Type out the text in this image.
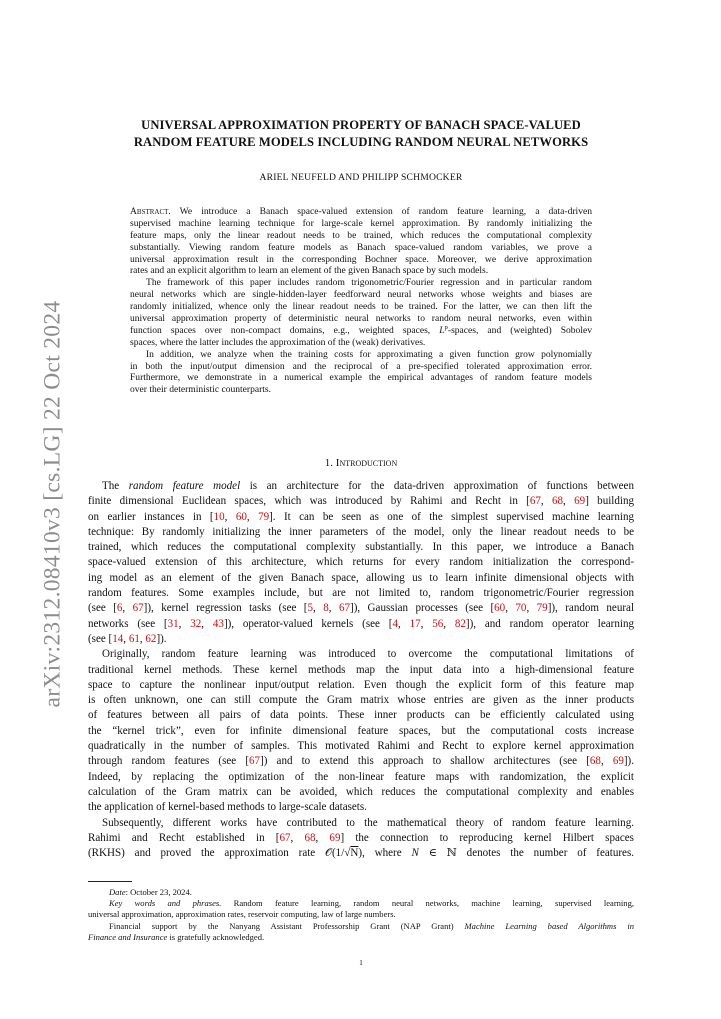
arXiv:2312.08410v3 [cs.LG] 22 Oct 2024
UNIVERSAL APPROXIMATION PROPERTY OF BANACH SPACE-VALUED
RANDOM FEATURE MODELS INCLUDING RANDOM NEURAL NETWORKS
ARIEL NEUFELD AND PHILIPP SCHMOCKER
Abstract. We introduce a Banach space-valued extension of random feature learning, a data-driven
supervised machine learning technique for large-scale kernel approximation. By randomly initializing the
feature maps, only the linear readout needs to be trained, which reduces the computational complexity
substantially. Viewing random feature models as Banach space-valued random variables, we prove a
universal approximation result in the corresponding Bochner space. Moreover, we derive approximation
rates and an explicit algorithm to learn an element of the given Banach space by such models.
The framework of this paper includes random trigonometric/Fourier regression and in particular random
neural networks which are single-hidden-layer feedforward neural networks whose weights and biases are
randomly initialized, whence only the linear readout needs to be trained. For the latter, we can then lift the
universal approximation property of deterministic neural networks to random neural networks, even within
function spaces over non-compact domains, e.g., weighted spaces, $L^p$-spaces, and (weighted) Sobolev
spaces, where the latter includes the approximation of the (weak) derivatives.
In addition, we analyze when the training costs for approximating a given function grow polynomially
in both the input/output dimension and the reciprocal of a pre-specified tolerated approximation error.
Furthermore, we demonstrate in a numerical example the empirical advantages of random feature models
over their deterministic counterparts.
1. Introduction
The random feature model is an architecture for the data-driven approximation of functions between
finite dimensional Euclidean spaces, which was introduced by Rahimi and Recht in [67, 68, 69] building
on earlier instances in [10, 60, 79]. It can be seen as one of the simplest supervised machine learning
technique: By randomly initializing the inner parameters of the model, only the linear readout needs to be
trained, which reduces the computational complexity substantially. In this paper, we introduce a Banach
space-valued extension of this architecture, which returns for every random initialization the correspond-
ing model as an element of the given Banach space, allowing us to learn infinite dimensional objects with
random features. Some examples include, but are not limited to, random trigonometric/Fourier regression
(see [6, 67]), kernel regression tasks (see [5, 8, 67]), Gaussian processes (see [60, 70, 79]), random neural
networks (see [31, 32, 43]), operator-valued kernels (see [4, 17, 56, 82]), and random operator learning
(see [14, 61, 62]).
Originally, random feature learning was introduced to overcome the computational limitations of
traditional kernel methods. These kernel methods map the input data into a high-dimensional feature
space to capture the nonlinear input/output relation. Even though the explicit form of this feature map
is often unknown, one can still compute the Gram matrix whose entries are given as the inner products
of features between all pairs of data points. These inner products can be efficiently calculated using
the “kernel trick”, even for infinite dimensional feature spaces, but the computational costs increase
quadratically in the number of samples. This motivated Rahimi and Recht to explore kernel approximation
through random features (see [67]) and to extend this approach to shallow architectures (see [68, 69]).
Indeed, by replacing the optimization of the non-linear feature maps with randomization, the explicit
calculation of the Gram matrix can be avoided, which reduces the computational complexity and enables
the application of kernel-based methods to large-scale datasets.
Subsequently, different works have contributed to the mathematical theory of random feature learning.
Rahimi and Recht established in [67, 68, 69] the connection to reproducing kernel Hilbert spaces
(RKHS) and proved the approximation rate 𝒪(1/√N), where N ∈ ℕ denotes the number of features.
Date: October 23, 2024.
Key words and phrases. Random feature learning, random neural networks, machine learning, supervised learning,
universal approximation, approximation rates, reservoir computing, law of large numbers.
Financial support by the Nanyang Assistant Professorship Grant (NAP Grant) Machine Learning based Algorithms in
Finance and Insurance is gratefully acknowledged.
1
